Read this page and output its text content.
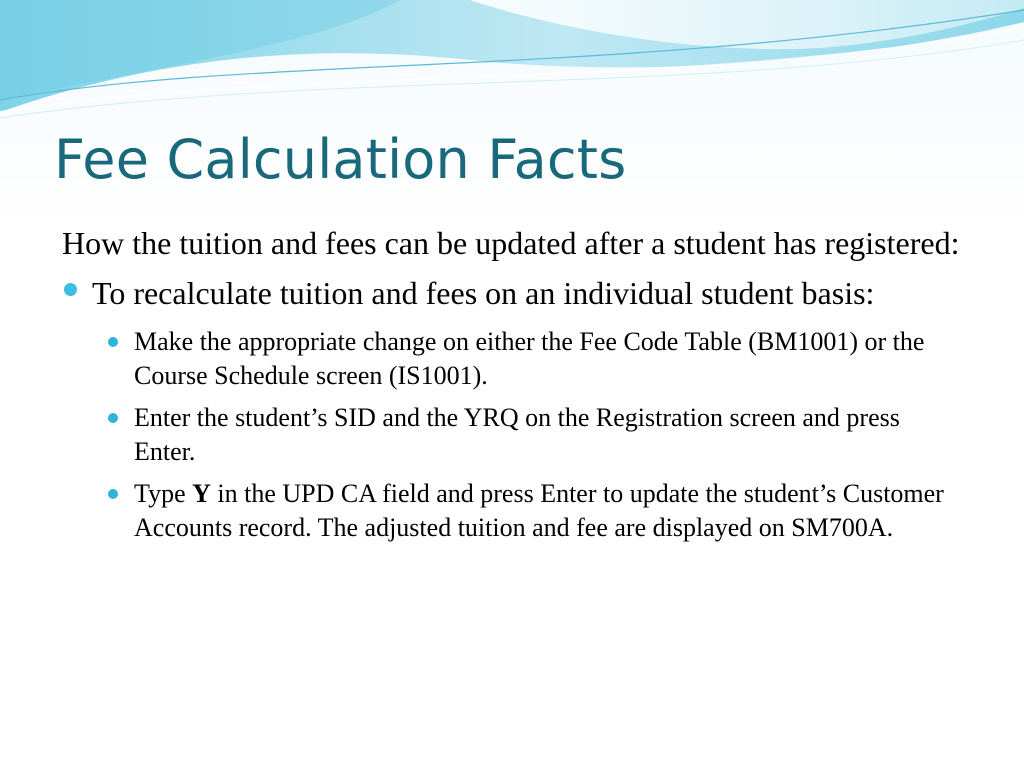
Fee Calculation Facts

How the tuition and fees can be updated after a student has registered:

To recalculate tuition and fees on an individual student basis:
Make the appropriate change on either the Fee Code Table (BM1001) or the Course Schedule screen (IS1001).
Enter the student’s SID and the YRQ on the Registration screen and press Enter.
Type Y in the UPD CA field and press Enter to update the student’s Customer Accounts record. The adjusted tuition and fee are displayed on SM700A.
